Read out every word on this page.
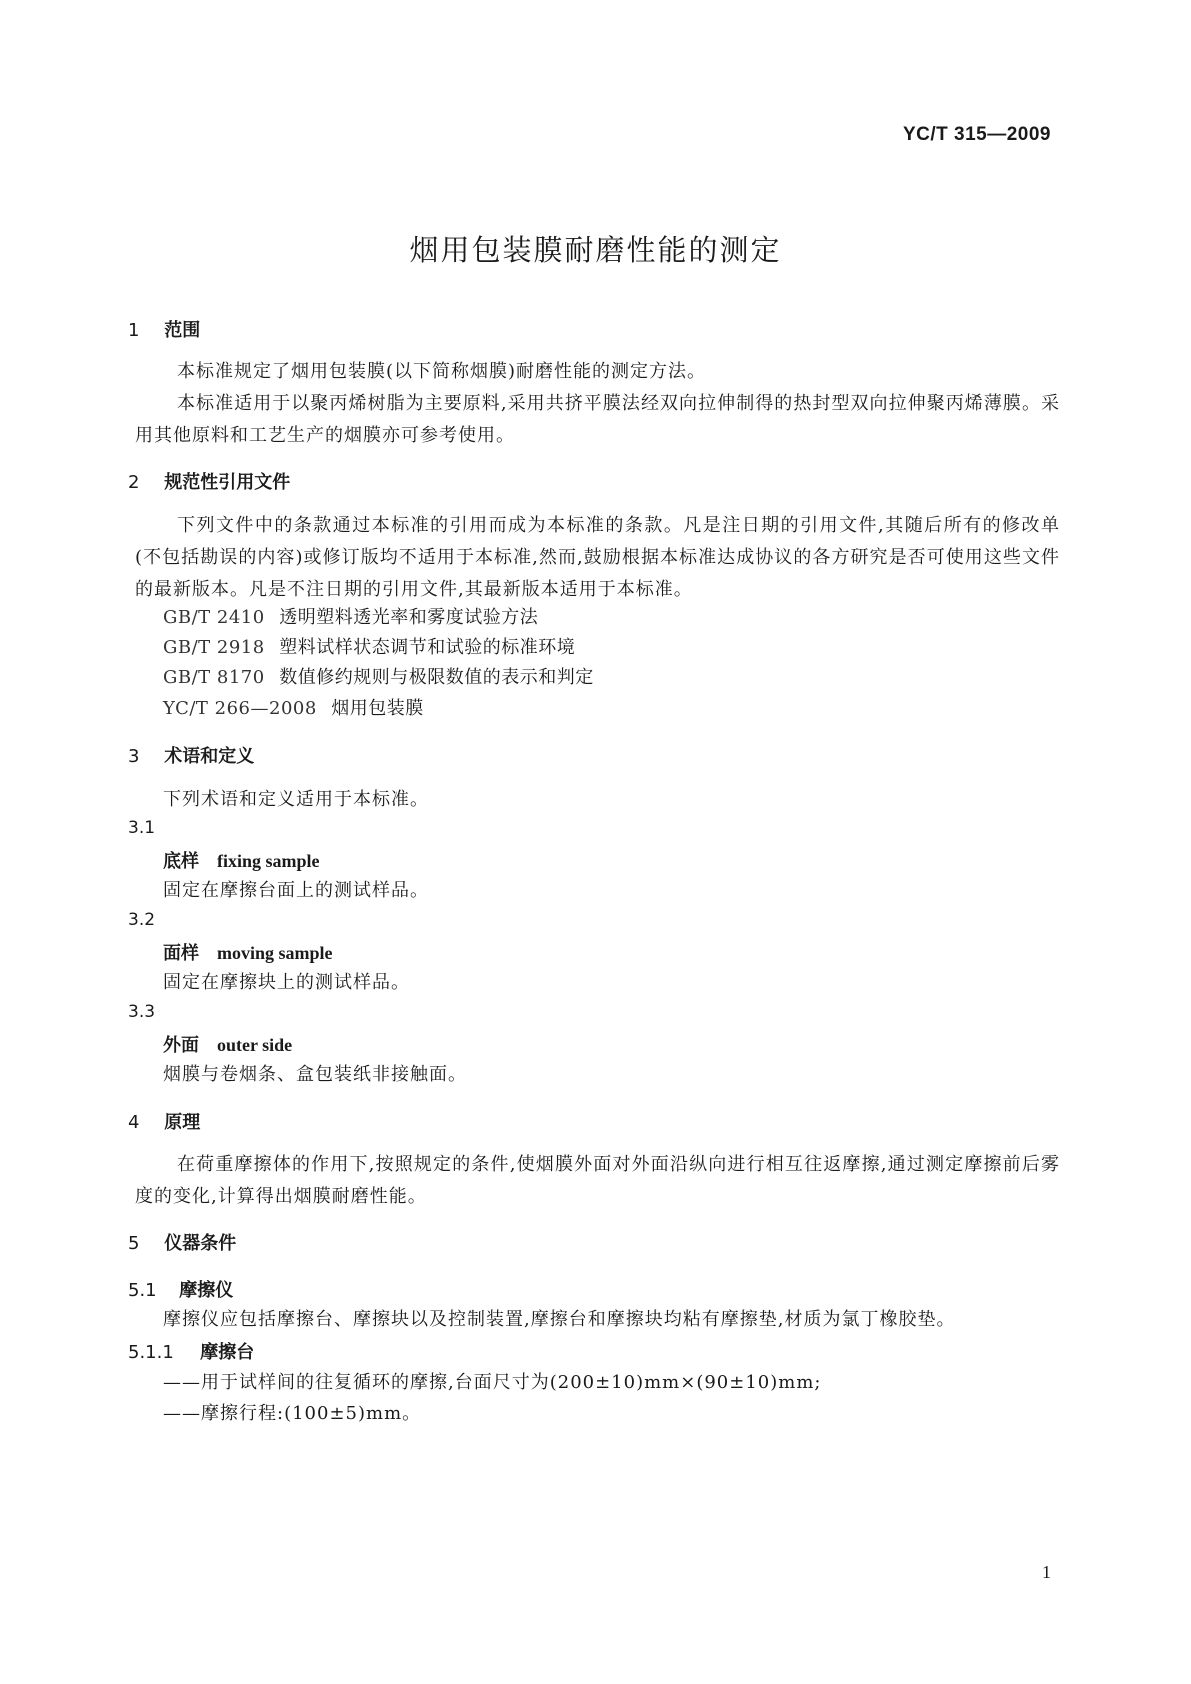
YC/T 315—2009
烟用包装膜耐磨性能的测定
1 范围
本标准规定了烟用包装膜(以下简称烟膜)耐磨性能的测定方法。
本标准适用于以聚丙烯树脂为主要原料,采用共挤平膜法经双向拉伸制得的热封型双向拉伸聚丙烯薄膜。采用其他原料和工艺生产的烟膜亦可参考使用。
2 规范性引用文件
下列文件中的条款通过本标准的引用而成为本标准的条款。凡是注日期的引用文件,其随后所有的修改单(不包括勘误的内容)或修订版均不适用于本标准,然而,鼓励根据本标准达成协议的各方研究是否可使用这些文件的最新版本。凡是不注日期的引用文件,其最新版本适用于本标准。
GB/T 2410 透明塑料透光率和雾度试验方法
GB/T 2918 塑料试样状态调节和试验的标准环境
GB/T 8170 数值修约规则与极限数值的表示和判定
YC/T 266—2008 烟用包装膜
3 术语和定义
下列术语和定义适用于本标准。
3.1
底样 fixing sample
固定在摩擦台面上的测试样品。
3.2
面样 moving sample
固定在摩擦块上的测试样品。
3.3
外面 outer side
烟膜与卷烟条、盒包装纸非接触面。
4 原理
在荷重摩擦体的作用下,按照规定的条件,使烟膜外面对外面沿纵向进行相互往返摩擦,通过测定摩擦前后雾度的变化,计算得出烟膜耐磨性能。
5 仪器条件
5.1 摩擦仪
摩擦仪应包括摩擦台、摩擦块以及控制装置,摩擦台和摩擦块均粘有摩擦垫,材质为氯丁橡胶垫。
5.1.1 摩擦台
——用于试样间的往复循环的摩擦,台面尺寸为(200±10)mm×(90±10)mm;
——摩擦行程:(100±5)mm。
1
